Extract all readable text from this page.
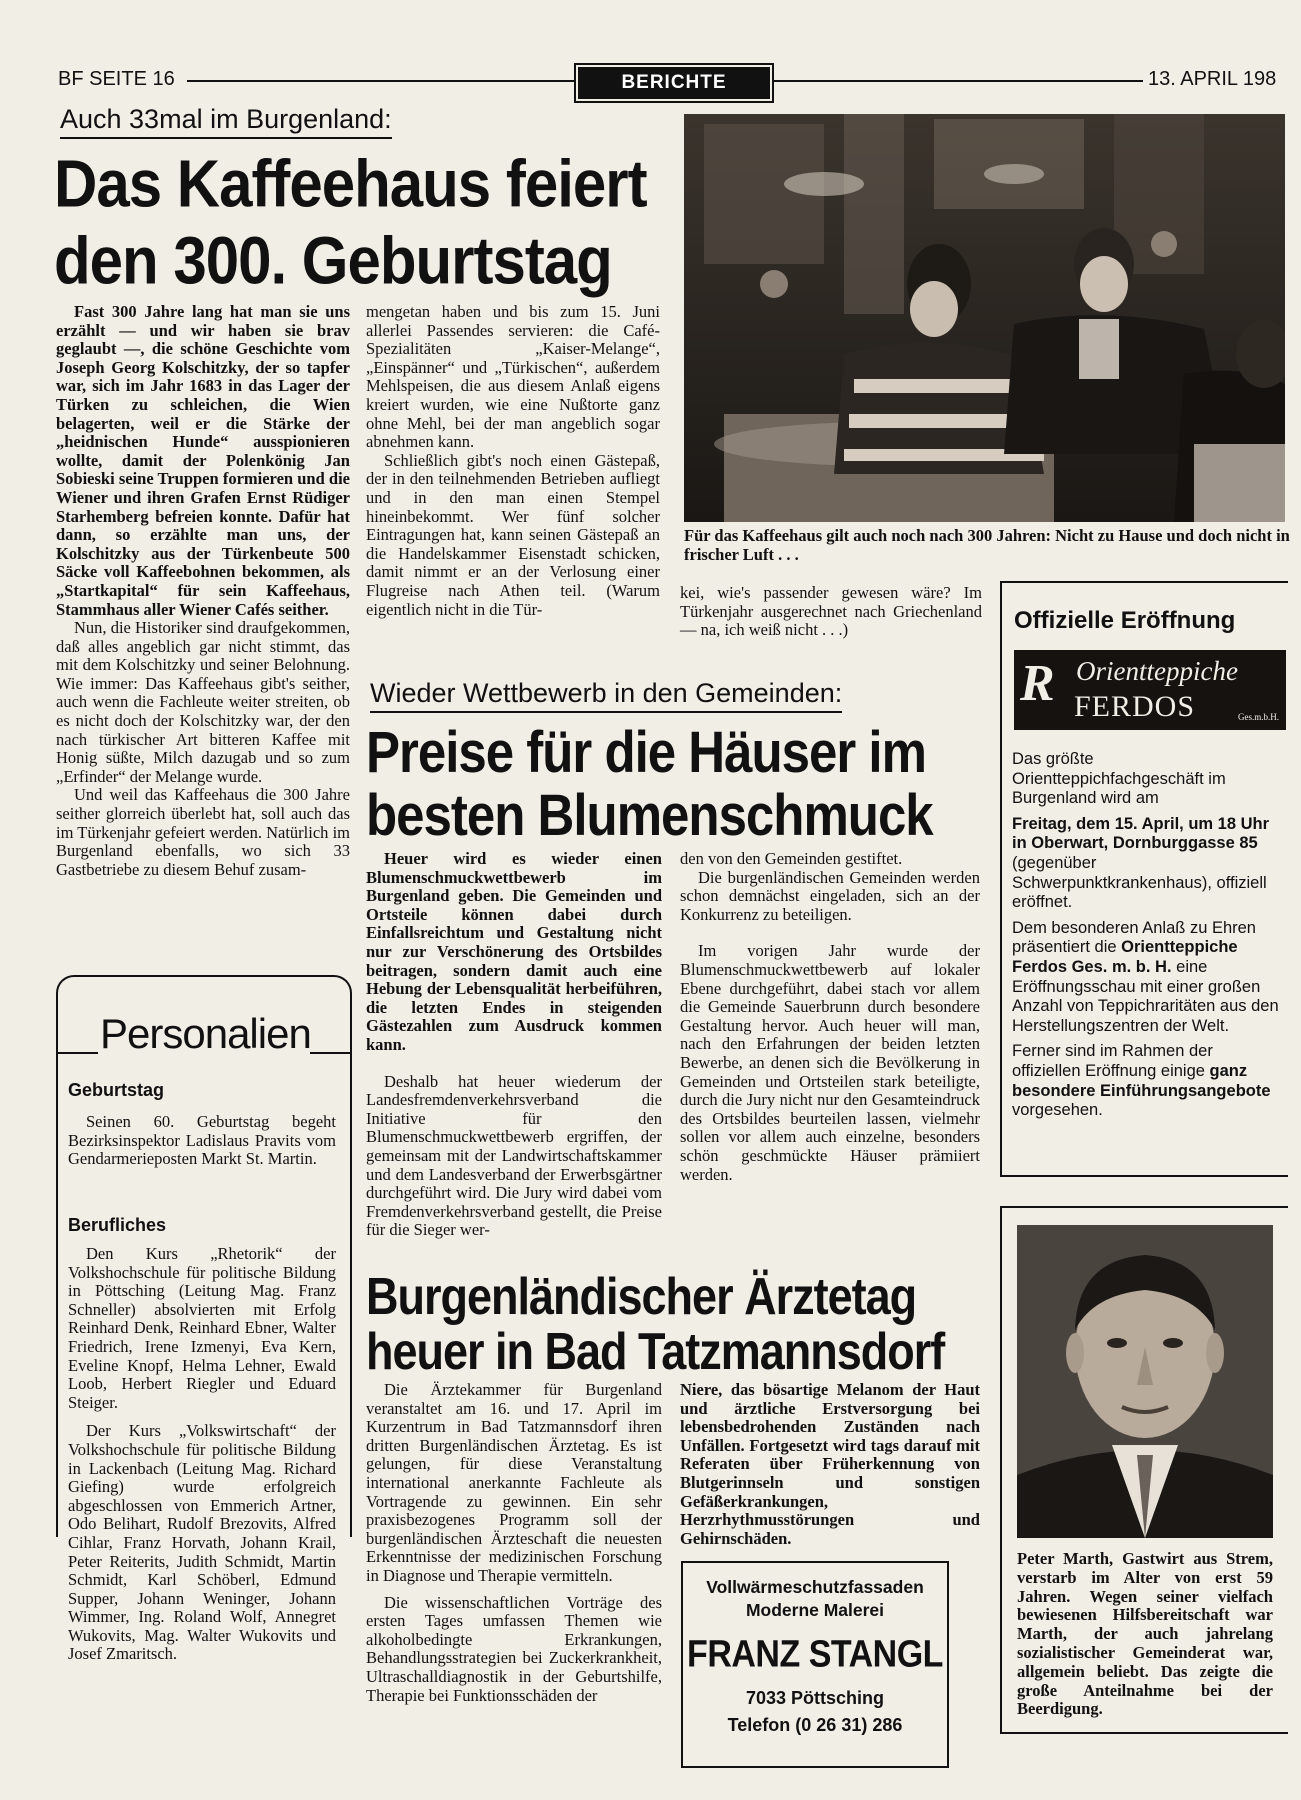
BF SEITE 16	BERICHTE	13. APRIL 198
Auch 33mal im Burgenland:
Das Kaffeehaus feiert
den 300. Geburtstag

Fast 300 Jahre lang hat man sie uns erzählt — und wir haben sie brav geglaubt —, die schöne Geschichte vom Joseph Georg Kolschitzky, der so tapfer war, sich im Jahr 1683 in das Lager der Türken zu schleichen, die Wien belagerten, weil er die Stärke der „heidnischen Hunde“ ausspionieren wollte, damit der Polenkönig Jan Sobieski seine Truppen formieren und die Wiener und ihren Grafen Ernst Rüdiger Starhemberg befreien konnte. Dafür hat dann, so erzählte man uns, der Kolschitzky aus der Türkenbeute 500 Säcke voll Kaffeebohnen bekommen, als „Startkapital“ für sein Kaffeehaus, Stammhaus aller Wiener Cafés seither.

Nun, die Historiker sind draufgekommen, daß alles angeblich gar nicht stimmt, das mit dem Kolschitzky und seiner Belohnung. Wie immer: Das Kaffeehaus gibt's seither, auch wenn die Fachleute weiter streiten, ob es nicht doch der Kolschitzky war, der den nach türkischer Art bitteren Kaffee mit Honig süßte, Milch dazugab und so zum „Erfinder“ der Melange wurde.

Und weil das Kaffeehaus die 300 Jahre seither glorreich überlebt hat, soll auch das im Türkenjahr gefeiert werden. Natürlich im Burgenland ebenfalls, wo sich 33 Gastbetriebe zu diesem Behuf zusam-

mengetan haben und bis zum 15. Juni allerlei Passendes servieren: die Café-Spezialitäten „Kaiser-Melange“, „Einspänner“ und „Türkischen“, außerdem Mehlspeisen, die aus diesem Anlaß eigens kreiert wurden, wie eine Nußtorte ganz ohne Mehl, bei der man angeblich sogar abnehmen kann.

Schließlich gibt's noch einen Gästepaß, der in den teilnehmenden Betrieben aufliegt und in den man einen Stempel hineinbekommt. Wer fünf solcher Eintragungen hat, kann seinen Gästepaß an die Handelskammer Eisenstadt schicken, damit nimmt er an der Verlosung einer Flugreise nach Athen teil. (Warum eigentlich nicht in die Tür-

kei, wie's passender gewesen wäre? Im Türkenjahr ausgerechnet nach Griechenland — na, ich weiß nicht . . .)

Für das Kaffeehaus gilt auch noch nach 300 Jahren: Nicht zu Hause und doch nicht in frischer Luft . . .
Personalien
Geburtstag

Seinen 60. Geburtstag begeht Bezirksinspektor Ladislaus Pravits vom Gendarmerieposten Markt St. Martin.

Berufliches

Den Kurs „Rhetorik“ der Volkshochschule für politische Bildung in Pöttsching (Leitung Mag. Franz Schneller) absolvierten mit Erfolg Reinhard Denk, Reinhard Ebner, Walter Friedrich, Irene Izmenyi, Eva Kern, Eveline Knopf, Helma Lehner, Ewald Loob, Herbert Riegler und Eduard Steiger.

Der Kurs „Volkswirtschaft“ der Volkshochschule für politische Bildung in Lackenbach (Leitung Mag. Richard Giefing) wurde erfolgreich abgeschlossen von Emmerich Artner, Odo Belihart, Rudolf Brezovits, Alfred Cihlar, Franz Horvath, Johann Krail, Peter Reiterits, Judith Schmidt, Martin Schmidt, Karl Schöberl, Edmund Supper, Johann Weninger, Johann Wimmer, Ing. Roland Wolf, Annegret Wukovits, Mag. Walter Wukovits und Josef Zmaritsch.

Wieder Wettbewerb in den Gemeinden:
Preise für die Häuser im
besten Blumenschmuck

Heuer wird es wieder einen Blumenschmuckwettbewerb im Burgenland geben. Die Gemeinden und Ortsteile können dabei durch Einfallsreichtum und Gestaltung nicht nur zur Verschönerung des Ortsbildes beitragen, sondern damit auch eine Hebung der Lebensqualität herbeiführen, die letzten Endes in steigenden Gästezahlen zum Ausdruck kommen kann.

Deshalb hat heuer wiederum der Landesfremdenverkehrsverband die Initiative für den Blumenschmuckwettbewerb ergriffen, der gemeinsam mit der Landwirtschaftskammer und dem Landesverband der Erwerbsgärtner durchgeführt wird. Die Jury wird dabei vom Fremdenverkehrsverband gestellt, die Preise für die Sieger wer-

den von den Gemeinden gestiftet.

Die burgenländischen Gemeinden werden schon demnächst eingeladen, sich an der Konkurrenz zu beteiligen.

Im vorigen Jahr wurde der Blumenschmuckwettbewerb auf lokaler Ebene durchgeführt, dabei stach vor allem die Gemeinde Sauerbrunn durch besondere Gestaltung hervor. Auch heuer will man, nach den Erfahrungen der beiden letzten Bewerbe, an denen sich die Bevölkerung in Gemeinden und Ortsteilen stark beteiligte, durch die Jury nicht nur den Gesamteindruck des Ortsbildes beurteilen lassen, vielmehr sollen vor allem auch einzelne, besonders schön geschmückte Häuser prämiiert werden.

Burgenländischer Ärztetag
heuer in Bad Tatzmannsdorf

Die Ärztekammer für Burgenland veranstaltet am 16. und 17. April im Kurzentrum in Bad Tatzmannsdorf ihren dritten Burgenländischen Ärztetag. Es ist gelungen, für diese Veranstaltung international anerkannte Fachleute als Vortragende zu gewinnen. Ein sehr praxisbezogenes Programm soll der burgenländischen Ärzteschaft die neuesten Erkenntnisse der medizinischen Forschung in Diagnose und Therapie vermitteln.

Die wissenschaftlichen Vorträge des ersten Tages umfassen Themen wie alkoholbedingte Erkrankungen, Behandlungsstrategien bei Zuckerkrankheit, Ultraschalldiagnostik in der Geburtshilfe, Therapie bei Funktionsschäden der

Niere, das bösartige Melanom der Haut und ärztliche Erstversorgung bei lebensbedrohenden Zuständen nach Unfällen. Fortgesetzt wird tags darauf mit Referaten über Früherkennung von Blutgerinnseln und sonstigen Gefäßerkrankungen, Herzrhythmusstörungen und Gehirnschäden.

Vollwärmeschutzfassaden
Moderne Malerei
FRANZ STANGL
7033 Pöttsching
Telefon (0 26 31) 286
Offizielle Eröffnung
R Orientteppiche
FERDOS	Ges.m.b.H.

Das größte Orientteppichfachgeschäft im Burgenland wird am

Freitag, dem 15. April, um 18 Uhr in Oberwart, Dornburggasse 85 (gegenüber Schwerpunktkrankenhaus), offiziell eröffnet.

Dem besonderen Anlaß zu Ehren präsentiert die Orientteppiche Ferdos Ges. m. b. H. eine Eröffnungsschau mit einer großen Anzahl von Teppichraritäten aus den Herstellungszentren der Welt.

Ferner sind im Rahmen der offiziellen Eröffnung einige ganz besondere Einführungsangebote vorgesehen.

Peter Marth, Gastwirt aus Strem, verstarb im Alter von erst 59 Jahren. Wegen seiner vielfach bewiesenen Hilfsbereitschaft war Marth, der auch jahrelang sozialistischer Gemeinderat war, allgemein beliebt. Das zeigte die große Anteilnahme bei der Beerdigung.
